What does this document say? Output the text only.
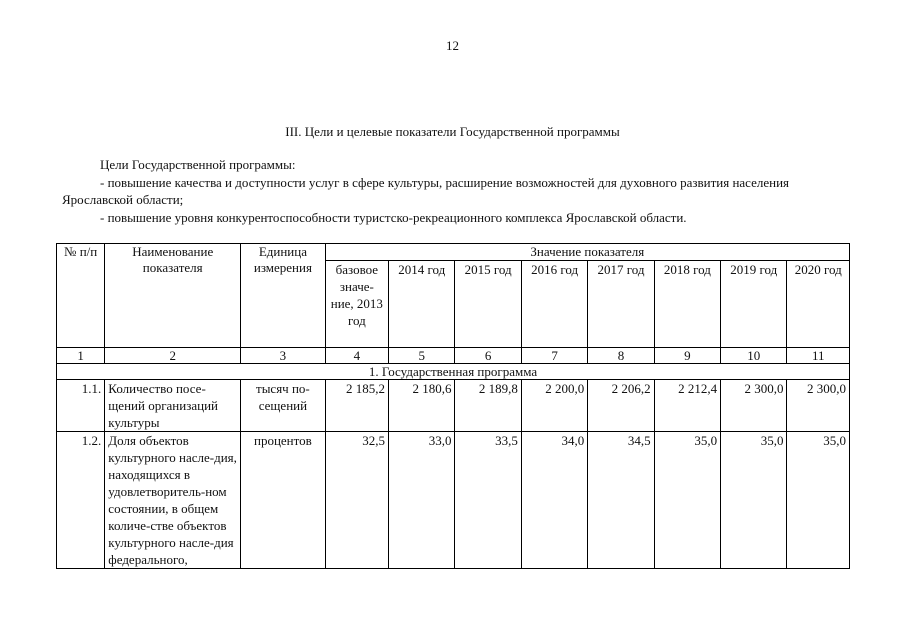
12
III. Цели и целевые показатели Государственной программы

Цели Государственной программы:

- повышение качества и доступности услуг в сфере культуры, расширение возможностей для духовного развития населения Ярославской области;

- повышение уровня конкурентоспособности туристско-рекреационного комплекса Ярославской области.

№ п/п	Наименование показателя	Единица измерения	Значение показателя							
			базовое значе-ние, 2013 год	2014 год	2015 год	2016 год	2017 год	2018 год	2019 год	2020 год
1	2	3	4	5	6	7	8	9	10	11
1. Государственная программа										
1.1.	Количество посе-щений организаций культуры	тысяч по-сещений	2 185,2	2 180,6	2 189,8	2 200,0	2 206,2	2 212,4	2 300,0	2 300,0
1.2.	Доля объектов культурного насле-дия, находящихся в удовлетворитель-ном состоянии, в общем количе-стве объектов культурного насле-дия федерального,	процентов	32,5	33,0	33,5	34,0	34,5	35,0	35,0	35,0
